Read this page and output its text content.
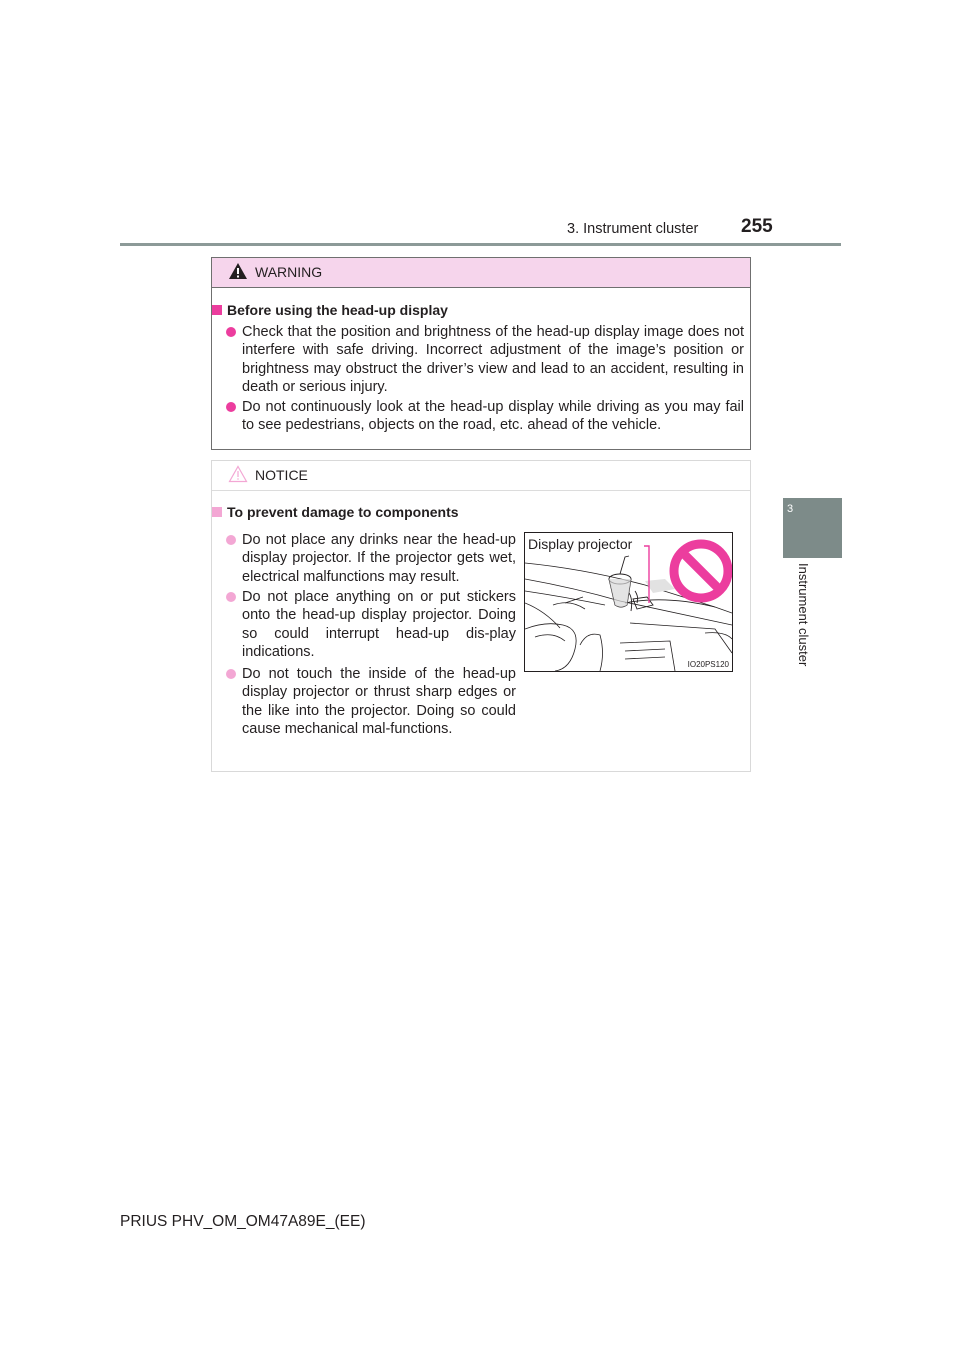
3. Instrument cluster 255
3
Instrument cluster
WARNING
Before using the head-up display
Check that the position and brightness of the head-up display image does not interfere with safe driving. Incorrect adjustment of the image’s position or brightness may obstruct the driver’s view and lead to an accident, resulting in death or serious injury.
Do not continuously look at the head-up display while driving as you may fail to see pedestrians, objects on the road, etc. ahead of the vehicle.
NOTICE
To prevent damage to components
Do not place any drinks near the head-up display projector. If the projector gets wet, electrical malfunctions may result.
Do not place anything on or put stickers onto the head-up display projector. Doing so could interrupt head-up dis-play indications.
Do not touch the inside of the head-up display projector or thrust sharp edges or the like into the projector. Doing so could cause mechanical mal-functions.
Display projector
IO20PS120
PRIUS PHV_OM_OM47A89E_(EE)
